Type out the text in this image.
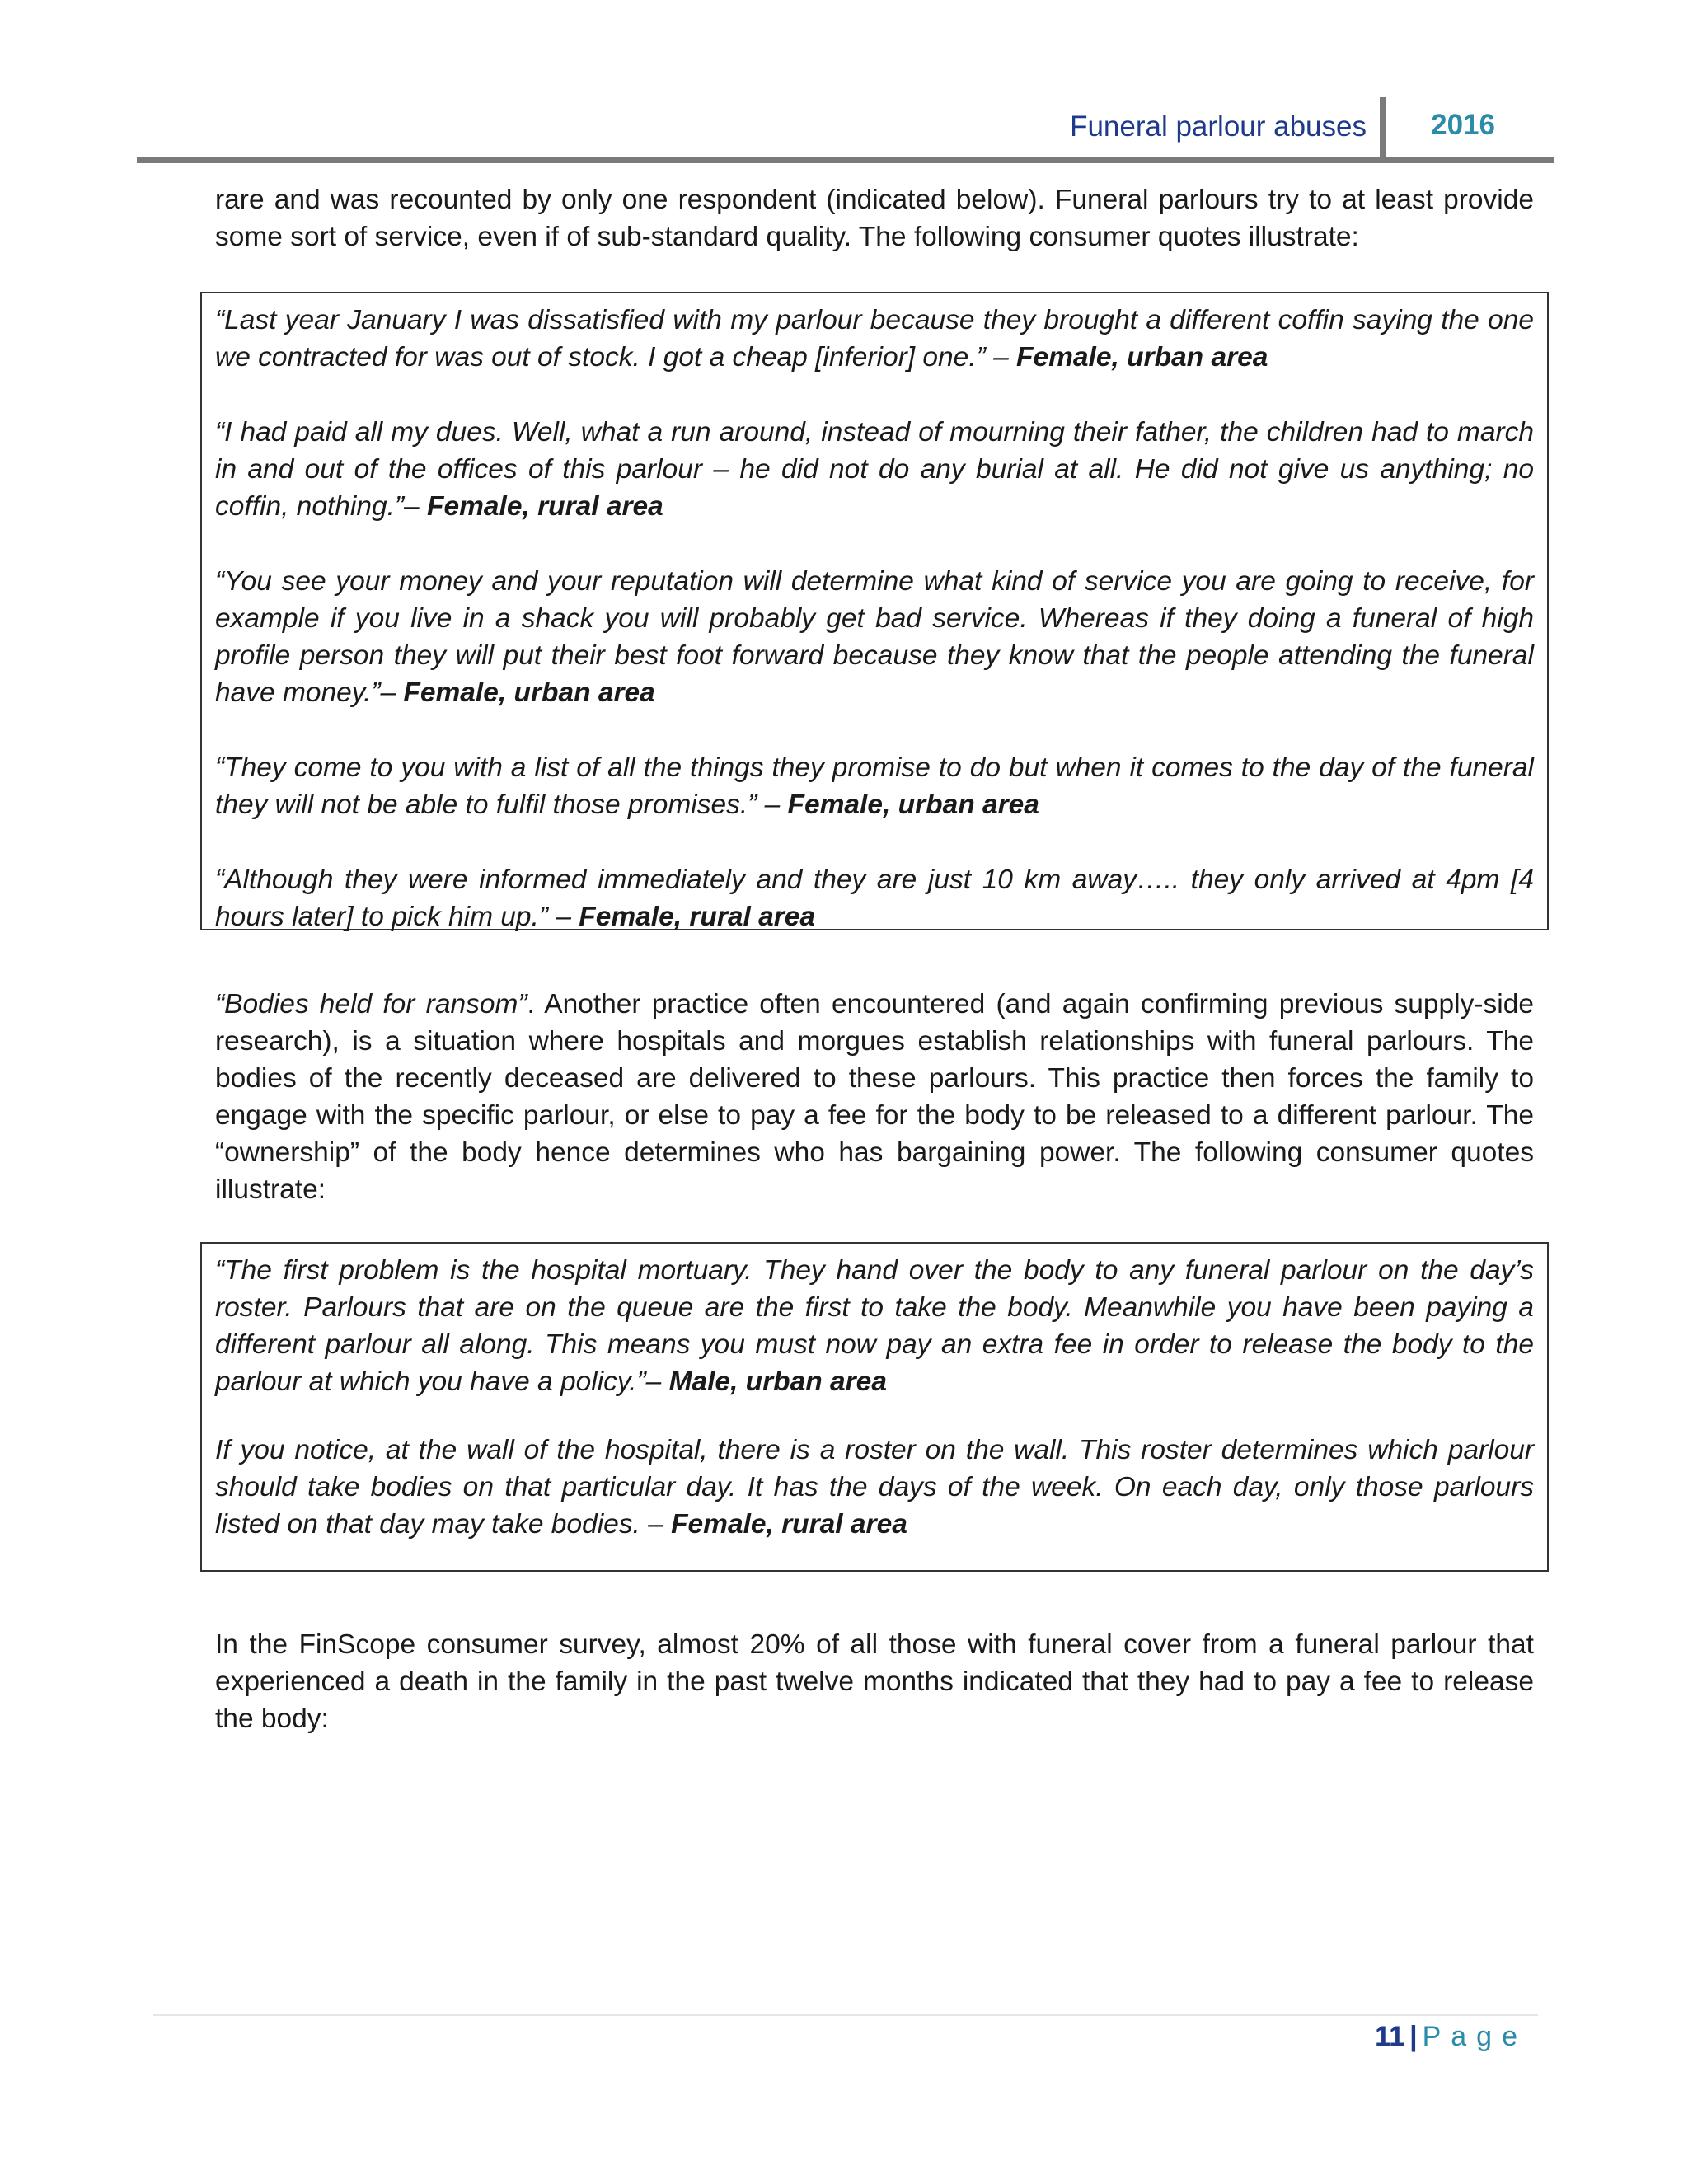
Funeral parlour abuses 2016

rare and was recounted by only one respondent (indicated below). Funeral parlours try to at least provide some sort of service, even if of sub-standard quality. The following consumer quotes illustrate:

“Last year January I was dissatisfied with my parlour because they brought a different coffin saying the one we contracted for was out of stock. I got a cheap [inferior] one.” – Female, urban area

“I had paid all my dues. Well, what a run around, instead of mourning their father, the children had to march in and out of the offices of this parlour – he did not do any burial at all. He did not give us anything; no coffin, nothing.”– Female, rural area

“You see your money and your reputation will determine what kind of service you are going to receive, for example if you live in a shack you will probably get bad service. Whereas if they doing a funeral of high profile person they will put their best foot forward because they know that the people attending the funeral have money.”– Female, urban area

“They come to you with a list of all the things they promise to do but when it comes to the day of the funeral they will not be able to fulfil those promises.” – Female, urban area

“Although they were informed immediately and they are just 10 km away….. they only arrived at 4pm [4 hours later] to pick him up.” – Female, rural area

“Bodies held for ransom”. Another practice often encountered (and again confirming previous supply-side research), is a situation where hospitals and morgues establish relationships with funeral parlours. The bodies of the recently deceased are delivered to these parlours. This practice then forces the family to engage with the specific parlour, or else to pay a fee for the body to be released to a different parlour. The “ownership” of the body hence determines who has bargaining power. The following consumer quotes illustrate:

“The first problem is the hospital mortuary. They hand over the body to any funeral parlour on the day’s roster. Parlours that are on the queue are the first to take the body. Meanwhile you have been paying a different parlour all along. This means you must now pay an extra fee in order to release the body to the parlour at which you have a policy.”– Male, urban area

If you notice, at the wall of the hospital, there is a roster on the wall. This roster determines which parlour should take bodies on that particular day. It has the days of the week. On each day, only those parlours listed on that day may take bodies. – Female, rural area

In the FinScope consumer survey, almost 20% of all those with funeral cover from a funeral parlour that experienced a death in the family in the past twelve months indicated that they had to pay a fee to release the body:

11 | Page
